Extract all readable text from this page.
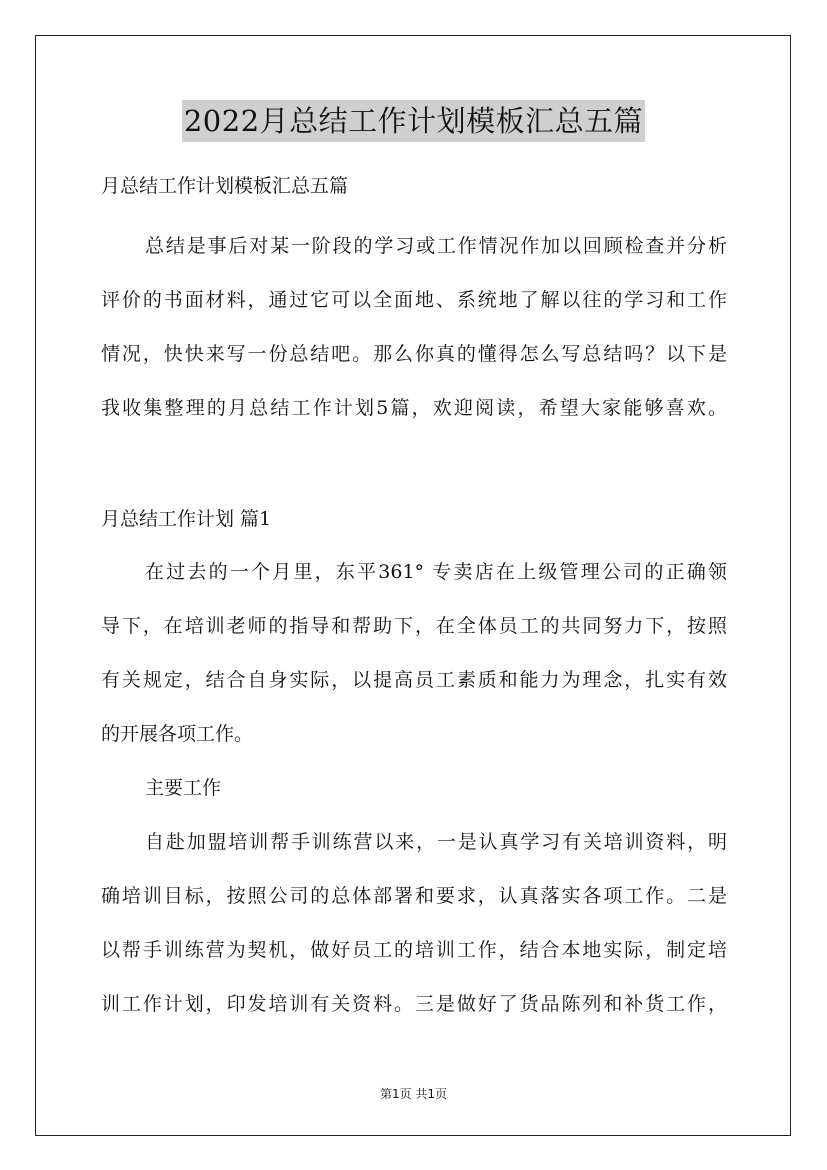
2022月总结工作计划模板汇总五篇
月总结工作计划模板汇总五篇
总结是事后对某一阶段的学习或工作情况作加以回顾检查并分析
评价的书面材料，通过它可以全面地、系统地了解以往的学习和工作
情况，快快来写一份总结吧。那么你真的懂得怎么写总结吗？以下是
我收集整理的月总结工作计划5篇，欢迎阅读，希望大家能够喜欢。
月总结工作计划 篇1
在过去的一个月里，东平361° 专卖店在上级管理公司的正确领
导下，在培训老师的指导和帮助下，在全体员工的共同努力下，按照
有关规定，结合自身实际，以提高员工素质和能力为理念，扎实有效
的开展各项工作。
主要工作
自赴加盟培训帮手训练营以来，一是认真学习有关培训资料，明
确培训目标，按照公司的总体部署和要求，认真落实各项工作。二是
以帮手训练营为契机，做好员工的培训工作，结合本地实际，制定培
训工作计划，印发培训有关资料。三是做好了货品陈列和补货工作，
第1页 共1页
